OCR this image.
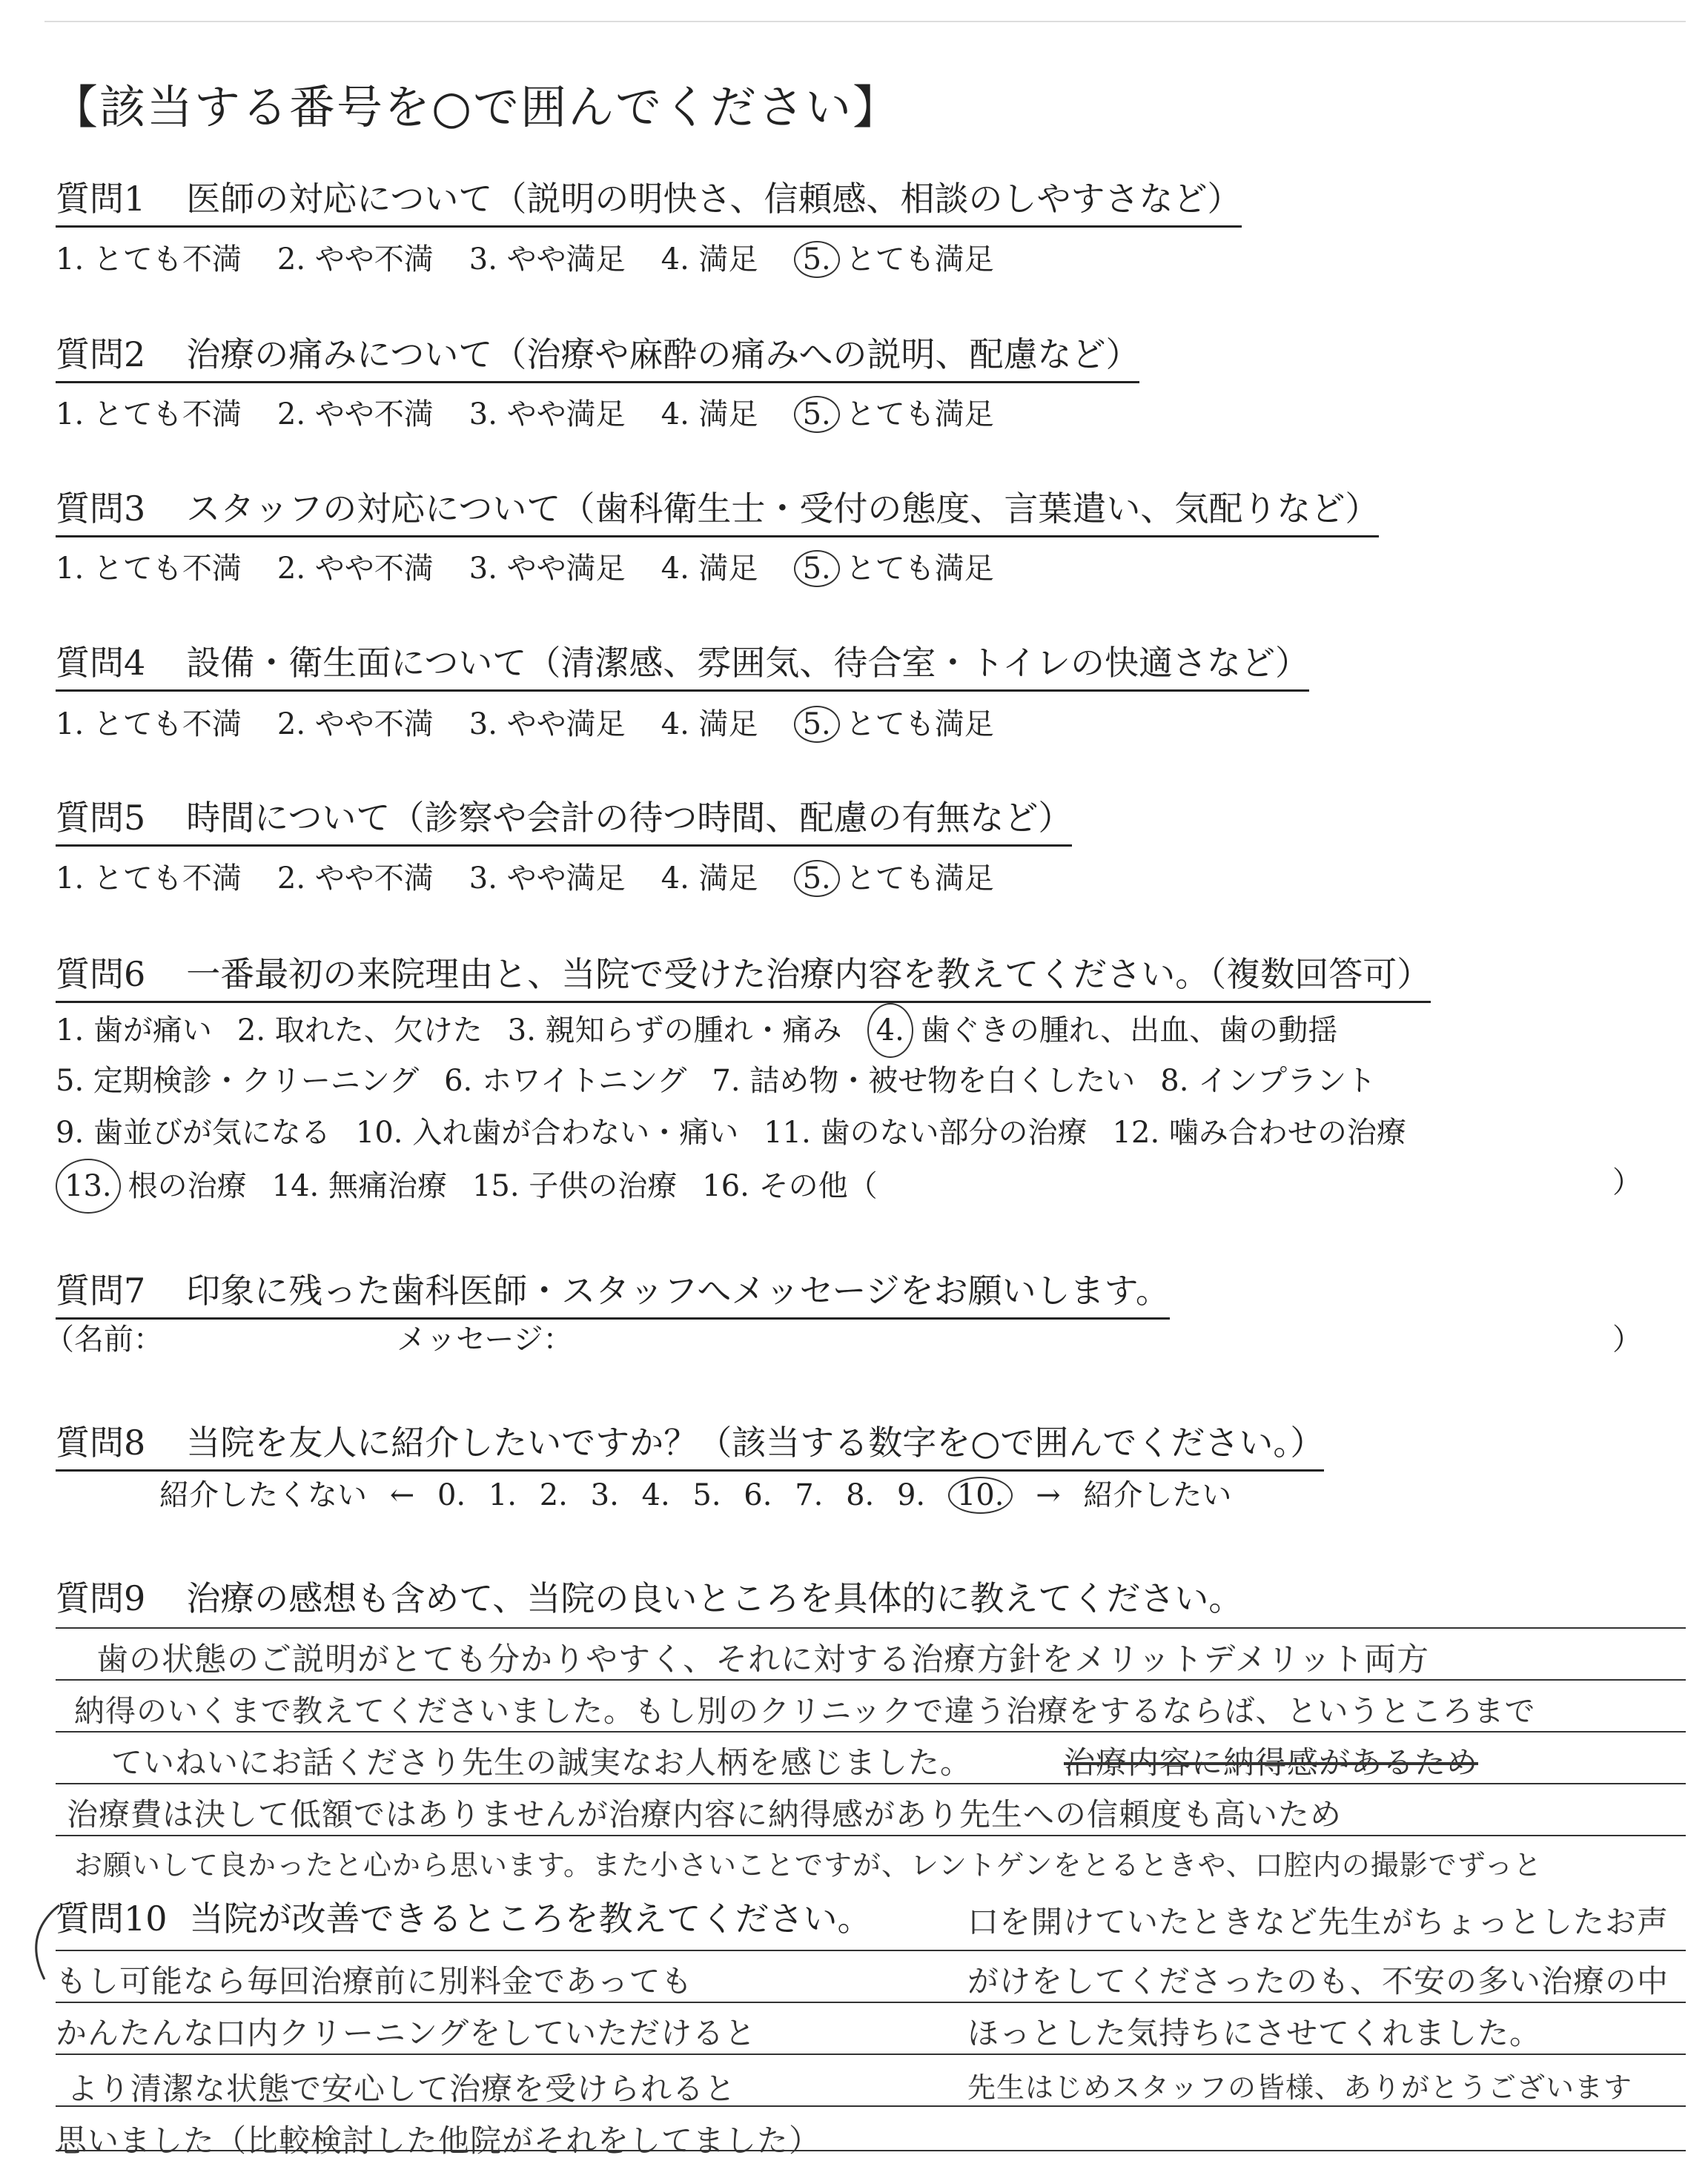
【該当する番号を○で囲んでください】
質問1 医師の対応について（説明の明快さ、信頼感、相談のしやすさなど）
1. とても不満 2. やや不満 3. やや満足 4. 満足 5. とても満足
質問2 治療の痛みについて（治療や麻酔の痛みへの説明、配慮など）
1. とても不満 2. やや不満 3. やや満足 4. 満足 5. とても満足
質問3 スタッフの対応について（歯科衛生士・受付の態度、言葉遣い、気配りなど）
1. とても不満 2. やや不満 3. やや満足 4. 満足 5. とても満足
質問4 設備・衛生面について（清潔感、雰囲気、待合室・トイレの快適さなど）
1. とても不満 2. やや不満 3. やや満足 4. 満足 5. とても満足
質問5 時間について（診察や会計の待つ時間、配慮の有無など）
1. とても不満 2. やや不満 3. やや満足 4. 満足 5. とても満足
質問6 一番最初の来院理由と、当院で受けた治療内容を教えてください。（複数回答可）
1. 歯が痛い 2. 取れた、欠けた 3. 親知らずの腫れ・痛み 4. 歯ぐきの腫れ、出血、歯の動揺
5. 定期検診・クリーニング 6. ホワイトニング 7. 詰め物・被せ物を白くしたい 8. インプラント
9. 歯並びが気になる 10. 入れ歯が合わない・痛い 11. 歯のない部分の治療 12. 噛み合わせの治療
13. 根の治療 14. 無痛治療 15. 子供の治療 16. その他（	）
質問7 印象に残った歯科医師・スタッフへメッセージをお願いします。
（名前：	メッセージ：	）
質問8 当院を友人に紹介したいですか？（該当する数字を○で囲んでください。）
紹介したくない ← 0. 1. 2. 3. 4. 5. 6. 7. 8. 9. 10. → 紹介したい
質問9 治療の感想も含めて、当院の良いところを具体的に教えてください。
歯の状態のご説明がとても分かりやすく、それに対する治療方針をメリットデメリット両方
納得のいくまで教えてくださいました。もし別のクリニックで違う治療をするならば、というところまで
ていねいにお話くださり先生の誠実なお人柄を感じました。	治療内容に納得感があるため
治療費は決して低額ではありませんが治療内容に納得感があり先生への信頼度も高いため
お願いして良かったと心から思います。また小さいことですが、レントゲンをとるときや、口腔内の撮影でずっと
質問10 当院が改善できるところを教えてください。	口を開けていたときなど先生がちょっとしたお声
がけをしてくださったのも、不安の多い治療の中
ほっとした気持ちにさせてくれました。
先生はじめスタッフの皆様、ありがとうございます
もし可能なら毎回治療前に別料金であっても
かんたんな口内クリーニングをしていただけると
より清潔な状態で安心して治療を受けられると
思いました（比較検討した他院がそれをしてました）
